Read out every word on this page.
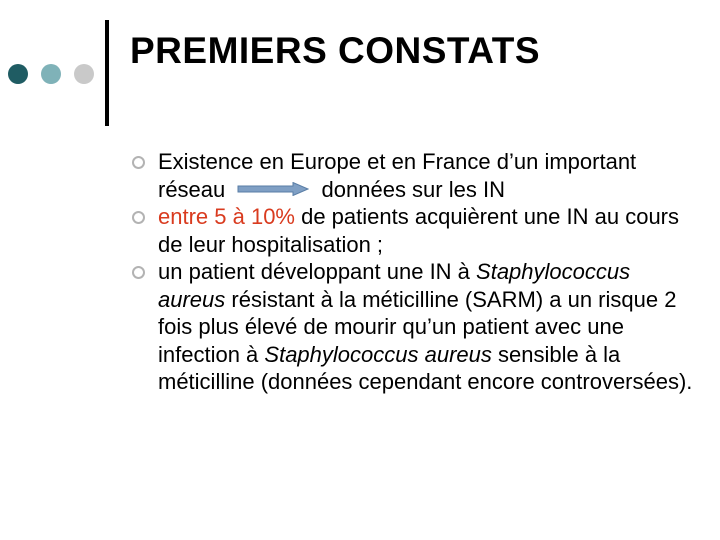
PREMIERS CONSTATS
Existence en Europe et en France d’un important réseau	données sur les IN
entre 5 à 10% de patients acquièrent une IN au cours de leur hospitalisation ;
un patient développant une IN à Staphylococcus aureus résistant à la méticilline (SARM) a un risque 2 fois plus élevé de mourir qu’un patient avec une infection à Staphylococcus aureus sensible à la méticilline (données cependant encore controversées).
